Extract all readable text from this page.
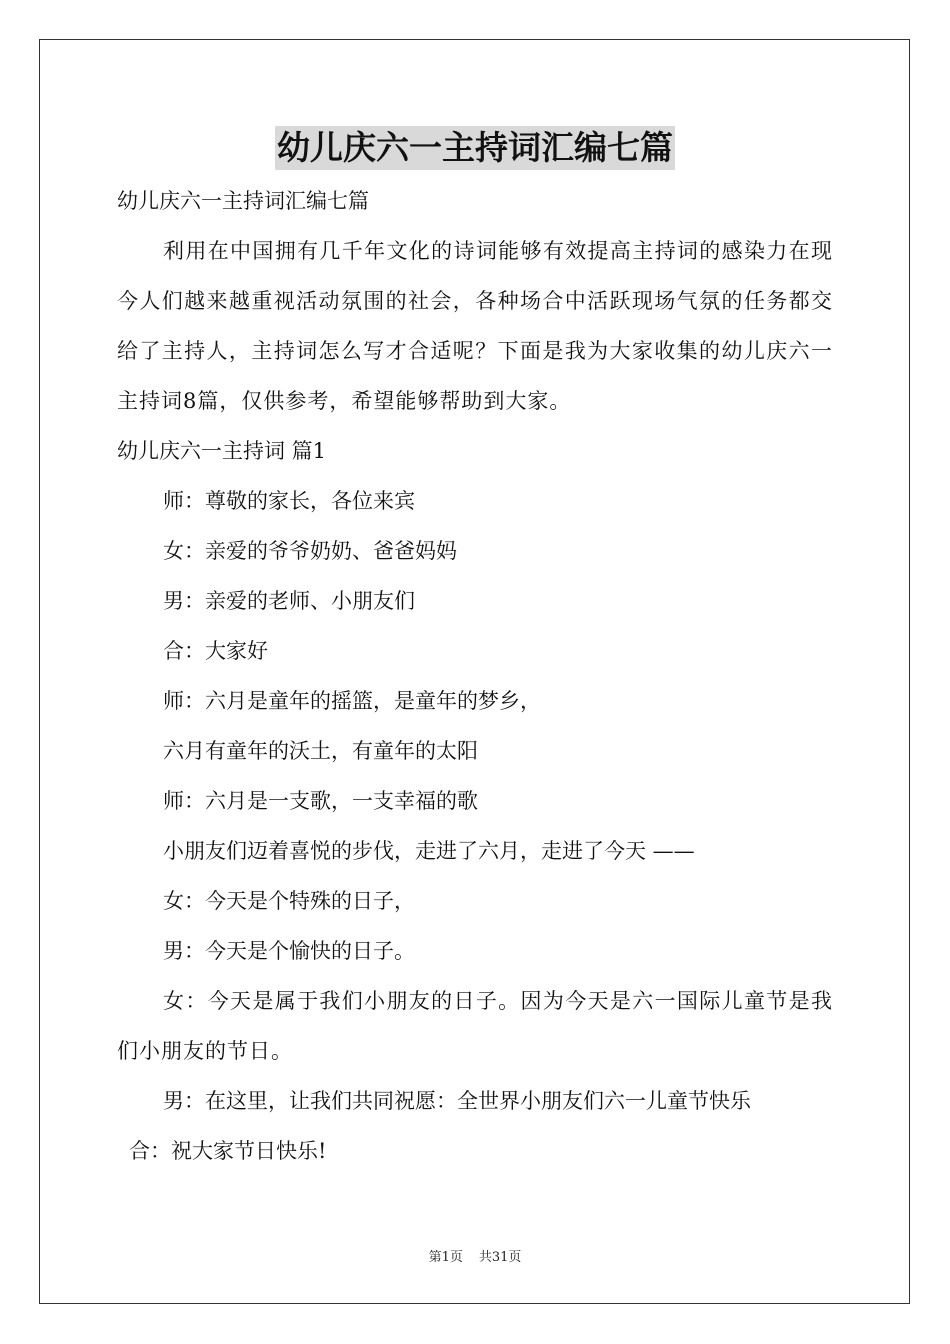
幼儿庆六一主持词汇编七篇

幼儿庆六一主持词汇编七篇

利用在中国拥有几千年文化的诗词能够有效提高主持词的感染力在现今人们越来越重视活动氛围的社会，各种场合中活跃现场气氛的任务都交给了主持人，主持词怎么写才合适呢？下面是我为大家收集的幼儿庆六一主持词8篇，仅供参考，希望能够帮助到大家。

幼儿庆六一主持词 篇1

师：尊敬的家长，各位来宾

女：亲爱的爷爷奶奶、爸爸妈妈

男：亲爱的老师、小朋友们

合：大家好

师：六月是童年的摇篮，是童年的梦乡，

六月有童年的沃土，有童年的太阳

师：六月是一支歌，一支幸福的歌

小朋友们迈着喜悦的步伐，走进了六月，走进了今天 ——

女：今天是个特殊的日子，

男：今天是个愉快的日子。

女：今天是属于我们小朋友的日子。因为今天是六一国际儿童节是我们小朋友的节日。

男：在这里，让我们共同祝愿：全世界小朋友们六一儿童节快乐

合：祝大家节日快乐!

第1页 共31页
